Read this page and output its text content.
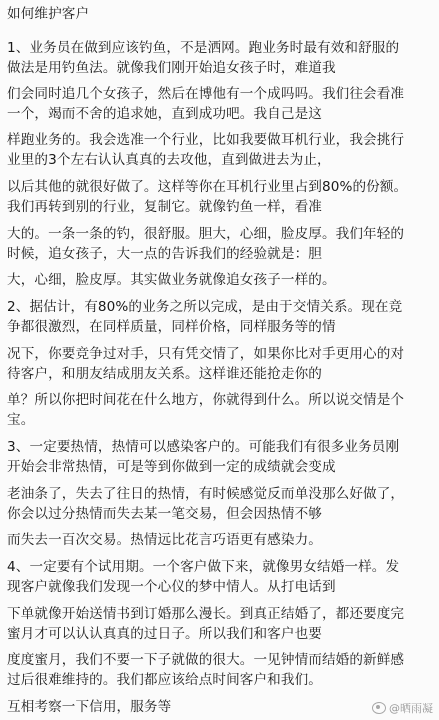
如何维护客户
1、业务员在做到应该钓鱼，不是洒网。跑业务时最有效和舒服的
做法是用钓鱼法。就像我们刚开始追女孩子时，难道我
们会同时追几个女孩子，然后在博他有一个成吗吗。我们往会看准
一个，竭而不舍的追求她，直到成功吧。我自己是这
样跑业务的。我会选准一个行业，比如我要做耳机行业，我会挑行
业里的3个左右认认真真的去攻他，直到做进去为止，
以后其他的就很好做了。这样等你在耳机行业里占到80%的份额。
我们再转到别的行业，复制它。就像钓鱼一样，看准
大的。一条一条的钓，很舒服。胆大，心细，脸皮厚。我们年轻的
时候，追女孩子，大一点的告诉我们的经验就是：胆
大，心细，脸皮厚。其实做业务就像追女孩子一样的。
2、据估计，有80%的业务之所以完成，是由于交情关系。现在竞
争都很激烈，在同样质量，同样价格，同样服务等的情
况下，你要竞争过对手，只有凭交情了，如果你比对手更用心的对
待客户，和朋友结成朋友关系。这样谁还能抢走你的
单？所以你把时间花在什么地方，你就得到什么。所以说交情是个
宝。
3、一定要热情，热情可以感染客户的。可能我们有很多业务员刚
开始会非常热情，可是等到你做到一定的成绩就会变成
老油条了，失去了往日的热情，有时候感觉反而单没那么好做了，
你会以过分热情而失去某一笔交易，但会因热情不够
而失去一百次交易。热情远比花言巧语更有感染力。
4、一定要有个试用期。一个客户做下来，就像男女结婚一样。发
现客户就像我们发现一个心仪的梦中情人。从打电话到
下单就像开始送情书到订婚那么漫长。到真正结婚了，都还要度完
蜜月才可以认认真真的过日子。所以我们和客户也要
度度蜜月，我们不要一下子就做的很大。一见钟情而结婚的新鲜感
过后很难维持的。我们都应该给点时间客户和我们。
互相考察一下信用，服务等	@晒雨凝
